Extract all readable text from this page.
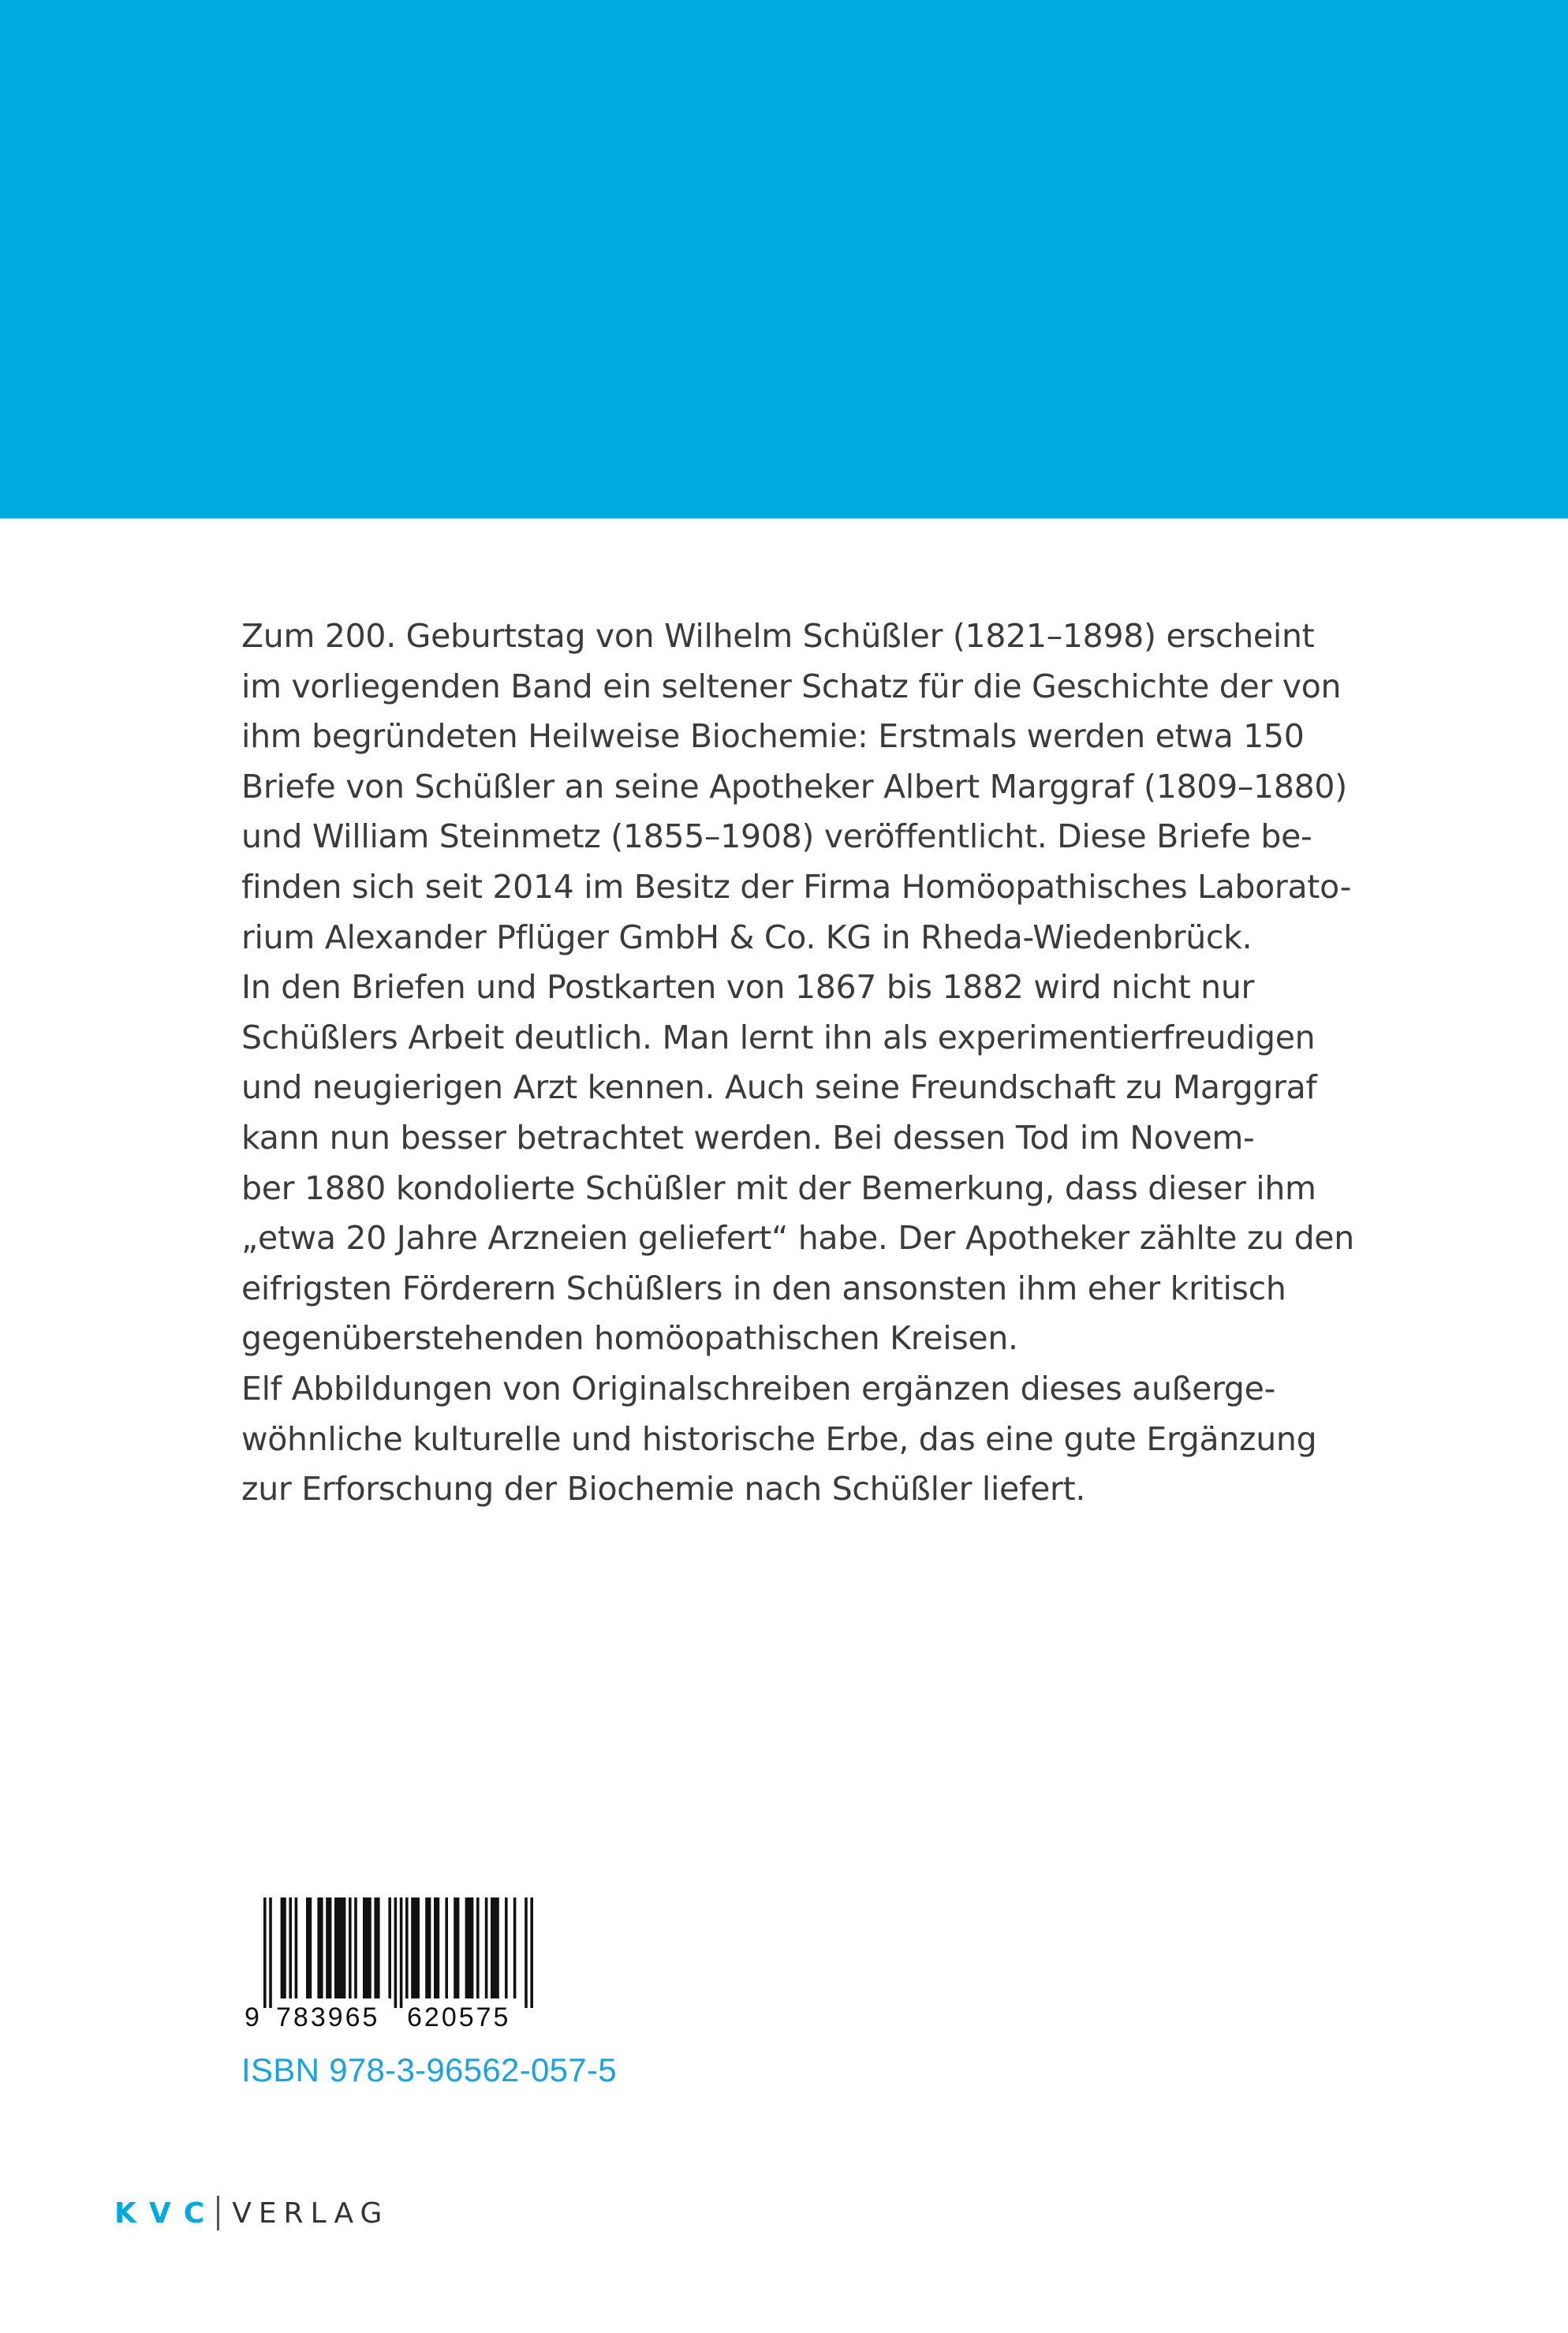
Zum 200. Geburtstag von Wilhelm Schüßler (1821–1898) erscheint
im vorliegenden Band ein seltener Schatz für die Geschichte der von
ihm begründeten Heilweise Biochemie: Erstmals werden etwa 150
Briefe von Schüßler an seine Apotheker Albert Marggraf (1809–1880)
und William Steinmetz (1855–1908) veröffentlicht. Diese Briefe be-
finden sich seit 2014 im Besitz der Firma Homöopathisches Laborato-
rium Alexander Pflüger GmbH & Co. KG in Rheda-Wiedenbrück.
In den Briefen und Postkarten von 1867 bis 1882 wird nicht nur
Schüßlers Arbeit deutlich. Man lernt ihn als experimentierfreudigen
und neugierigen Arzt kennen. Auch seine Freundschaft zu Marggraf
kann nun besser betrachtet werden. Bei dessen Tod im Novem-
ber 1880 kondolierte Schüßler mit der Bemerkung, dass dieser ihm
„etwa 20 Jahre Arzneien geliefert“ habe. Der Apotheker zählte zu den
eifrigsten Förderern Schüßlers in den ansonsten ihm eher kritisch
gegenüberstehenden homöopathischen Kreisen.
Elf Abbildungen von Originalschreiben ergänzen dieses außerge-
wöhnliche kulturelle und historische Erbe, das eine gute Ergänzung
zur Erforschung der Biochemie nach Schüßler liefert.
9 783965 620575
ISBN 978-3-96562-057-5
KVC VERLAG
